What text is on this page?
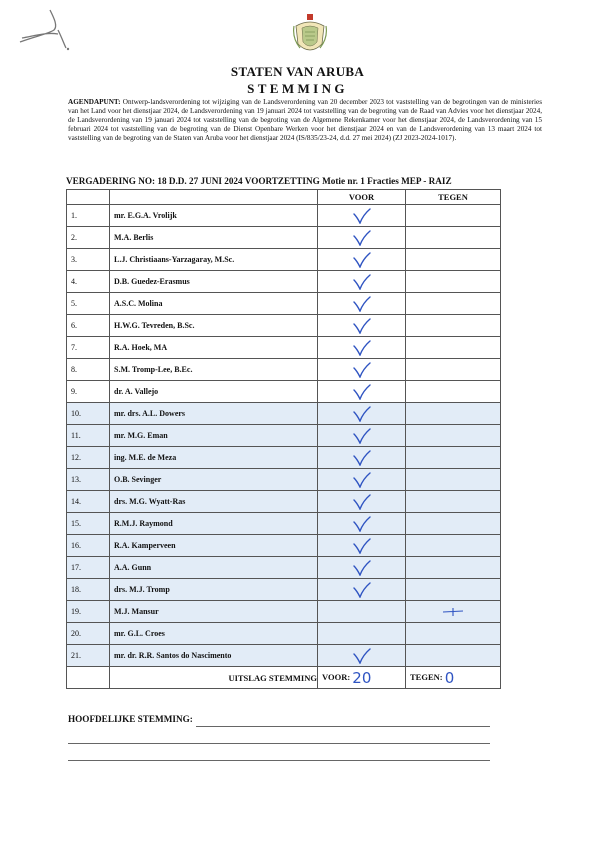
STATEN VAN ARUBA
STEMMING
AGENDAPUNT: Ontwerp-landsverordening tot wijziging van de Landsverordening van 20 december 2023 tot vaststelling van de begrotingen van de ministeries van het Land voor het dienstjaar 2024, de Landsverordening van 19 januari 2024 tot vaststelling van de begroting van de Raad van Advies voor het dienstjaar 2024, de Landsverordening van 19 januari 2024 tot vaststelling van de begroting van de Algemene Rekenkamer voor het dienstjaar 2024, de Landsverordening van 15 februari 2024 tot vaststelling van de begroting van de Dienst Openbare Werken voor het dienstjaar 2024 en van de Landsverordening van 13 maart 2024 tot vaststelling van de begroting van de Staten van Aruba voor het dienstjaar 2024 (IS/835/23-24, d.d. 27 mei 2024) (ZJ 2023-2024-1017).
VERGADERING NO: 18 D.D. 27 JUNI 2024 VOORTZETTING Motie nr. 1 Fracties MEP - RAIZ
		VOOR	TEGEN
1.	mr. E.G.A. Vrolijk	

2.	M.A. Berlis	

3.	L.J. Christiaans-Yarzagaray, M.Sc.	

4.	D.B. Guedez-Erasmus	

5.	A.S.C. Molina	

6.	H.W.G. Tevreden, B.Sc.	

7.	R.A. Hoek, MA	

8.	S.M. Tromp-Lee, B.Ec.	

9.	dr. A. Vallejo	

10.	mr. drs. A.L. Dowers	

11.	mr. M.G. Eman	

12.	ing. M.E. de Meza	

13.	O.B. Sevinger	

14.	drs. M.G. Wyatt-Ras	

15.	R.M.J. Raymond	

16.	R.A. Kamperveen	

17.	A.A. Gunn	

18.	drs. M.J. Tromp	

19.	M.J. Mansur		

20.	mr. G.L. Croes		
21.	mr. dr. R.R. Santos do Nascimento	

	UITSLAG STEMMING	VOOR: 20	TEGEN: 0
HOOFDELIJKE STEMMING:
